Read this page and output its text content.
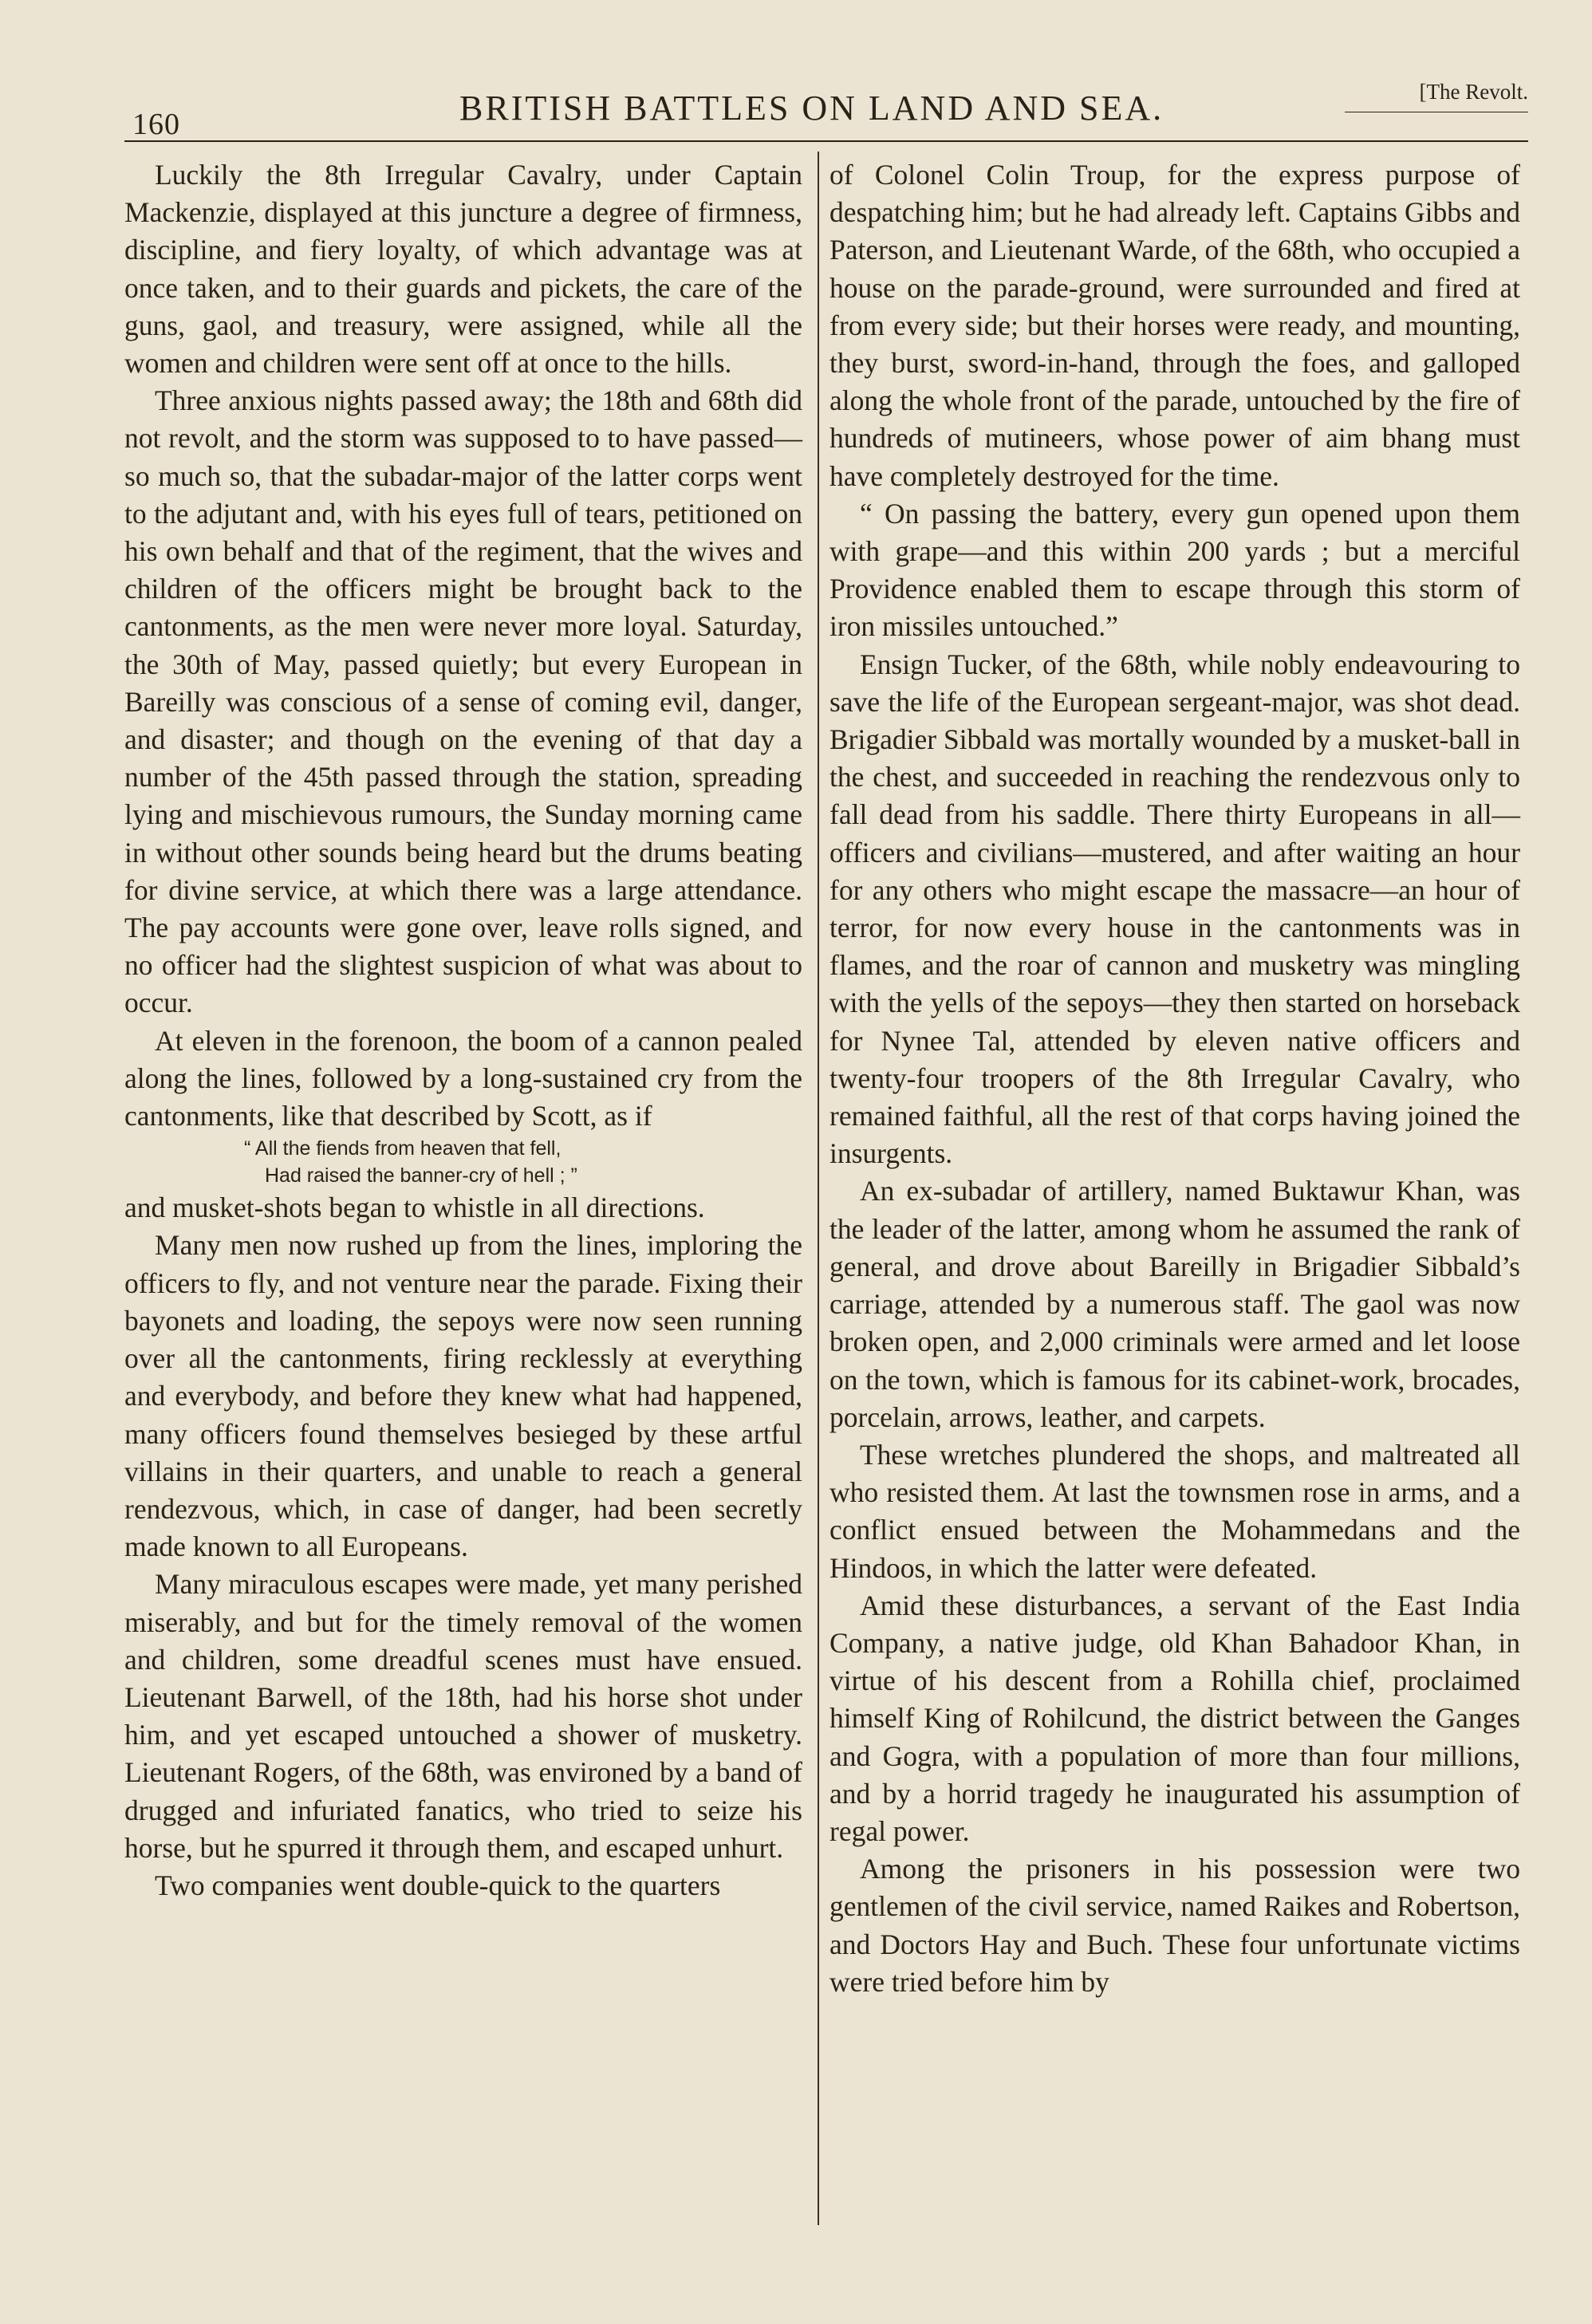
160	BRITISH BATTLES ON LAND AND SEA.	[The Revolt.

Luckily the 8th Irregular Cavalry, under Captain Mackenzie, displayed at this juncture a degree of firmness, discipline, and fiery loyalty, of which advantage was at once taken, and to their guards and pickets, the care of the guns, gaol, and treasury, were assigned, while all the women and children were sent off at once to the hills.

Three anxious nights passed away; the 18th and 68th did not revolt, and the storm was supposed to to have passed—so much so, that the subadar-major of the latter corps went to the adjutant and, with his eyes full of tears, petitioned on his own behalf and that of the regiment, that the wives and children of the officers might be brought back to the cantonments, as the men were never more loyal. Saturday, the 30th of May, passed quietly; but every European in Bareilly was conscious of a sense of coming evil, danger, and disaster; and though on the evening of that day a number of the 45th passed through the station, spreading lying and mischievous rumours, the Sunday morning came in without other sounds being heard but the drums beating for divine service, at which there was a large attendance. The pay accounts were gone over, leave rolls signed, and no officer had the slightest suspicion of what was about to occur.

At eleven in the forenoon, the boom of a cannon pealed along the lines, followed by a long-sustained cry from the cantonments, like that described by Scott, as if

“ All the fiends from heaven that fell,
Had raised the banner-cry of hell ; ”

and musket-shots began to whistle in all directions.

Many men now rushed up from the lines, imploring the officers to fly, and not venture near the parade. Fixing their bayonets and loading, the sepoys were now seen running over all the cantonments, firing recklessly at everything and everybody, and before they knew what had happened, many officers found themselves besieged by these artful villains in their quarters, and unable to reach a general rendezvous, which, in case of danger, had been secretly made known to all Europeans.

Many miraculous escapes were made, yet many perished miserably, and but for the timely removal of the women and children, some dreadful scenes must have ensued. Lieutenant Barwell, of the 18th, had his horse shot under him, and yet escaped untouched a shower of musketry. Lieutenant Rogers, of the 68th, was environed by a band of drugged and infuriated fanatics, who tried to seize his horse, but he spurred it through them, and escaped unhurt.

Two companies went double-quick to the quarters

of Colonel Colin Troup, for the express purpose of despatching him; but he had already left. Captains Gibbs and Paterson, and Lieutenant Warde, of the 68th, who occupied a house on the parade-ground, were surrounded and fired at from every side; but their horses were ready, and mounting, they burst, sword-in-hand, through the foes, and galloped along the whole front of the parade, untouched by the fire of hundreds of mutineers, whose power of aim bhang must have completely destroyed for the time.

“ On passing the battery, every gun opened upon them with grape—and this within 200 yards ; but a merciful Providence enabled them to escape through this storm of iron missiles untouched.”

Ensign Tucker, of the 68th, while nobly endeavouring to save the life of the European sergeant-major, was shot dead. Brigadier Sibbald was mortally wounded by a musket-ball in the chest, and succeeded in reaching the rendezvous only to fall dead from his saddle. There thirty Europeans in all—officers and civilians—mustered, and after waiting an hour for any others who might escape the massacre—an hour of terror, for now every house in the cantonments was in flames, and the roar of cannon and musketry was mingling with the yells of the sepoys—they then started on horseback for Nynee Tal, attended by eleven native officers and twenty-four troopers of the 8th Irregular Cavalry, who remained faithful, all the rest of that corps having joined the insurgents.

An ex-subadar of artillery, named Buktawur Khan, was the leader of the latter, among whom he assumed the rank of general, and drove about Bareilly in Brigadier Sibbald’s carriage, attended by a numerous staff. The gaol was now broken open, and 2,000 criminals were armed and let loose on the town, which is famous for its cabinet-work, brocades, porcelain, arrows, leather, and carpets.

These wretches plundered the shops, and maltreated all who resisted them. At last the townsmen rose in arms, and a conflict ensued between the Mohammedans and the Hindoos, in which the latter were defeated.

Amid these disturbances, a servant of the East India Company, a native judge, old Khan Bahadoor Khan, in virtue of his descent from a Rohilla chief, proclaimed himself King of Rohilcund, the district between the Ganges and Gogra, with a population of more than four millions, and by a horrid tragedy he inaugurated his assumption of regal power.

Among the prisoners in his possession were two gentlemen of the civil service, named Raikes and Robertson, and Doctors Hay and Buch. These four unfortunate victims were tried before him by
